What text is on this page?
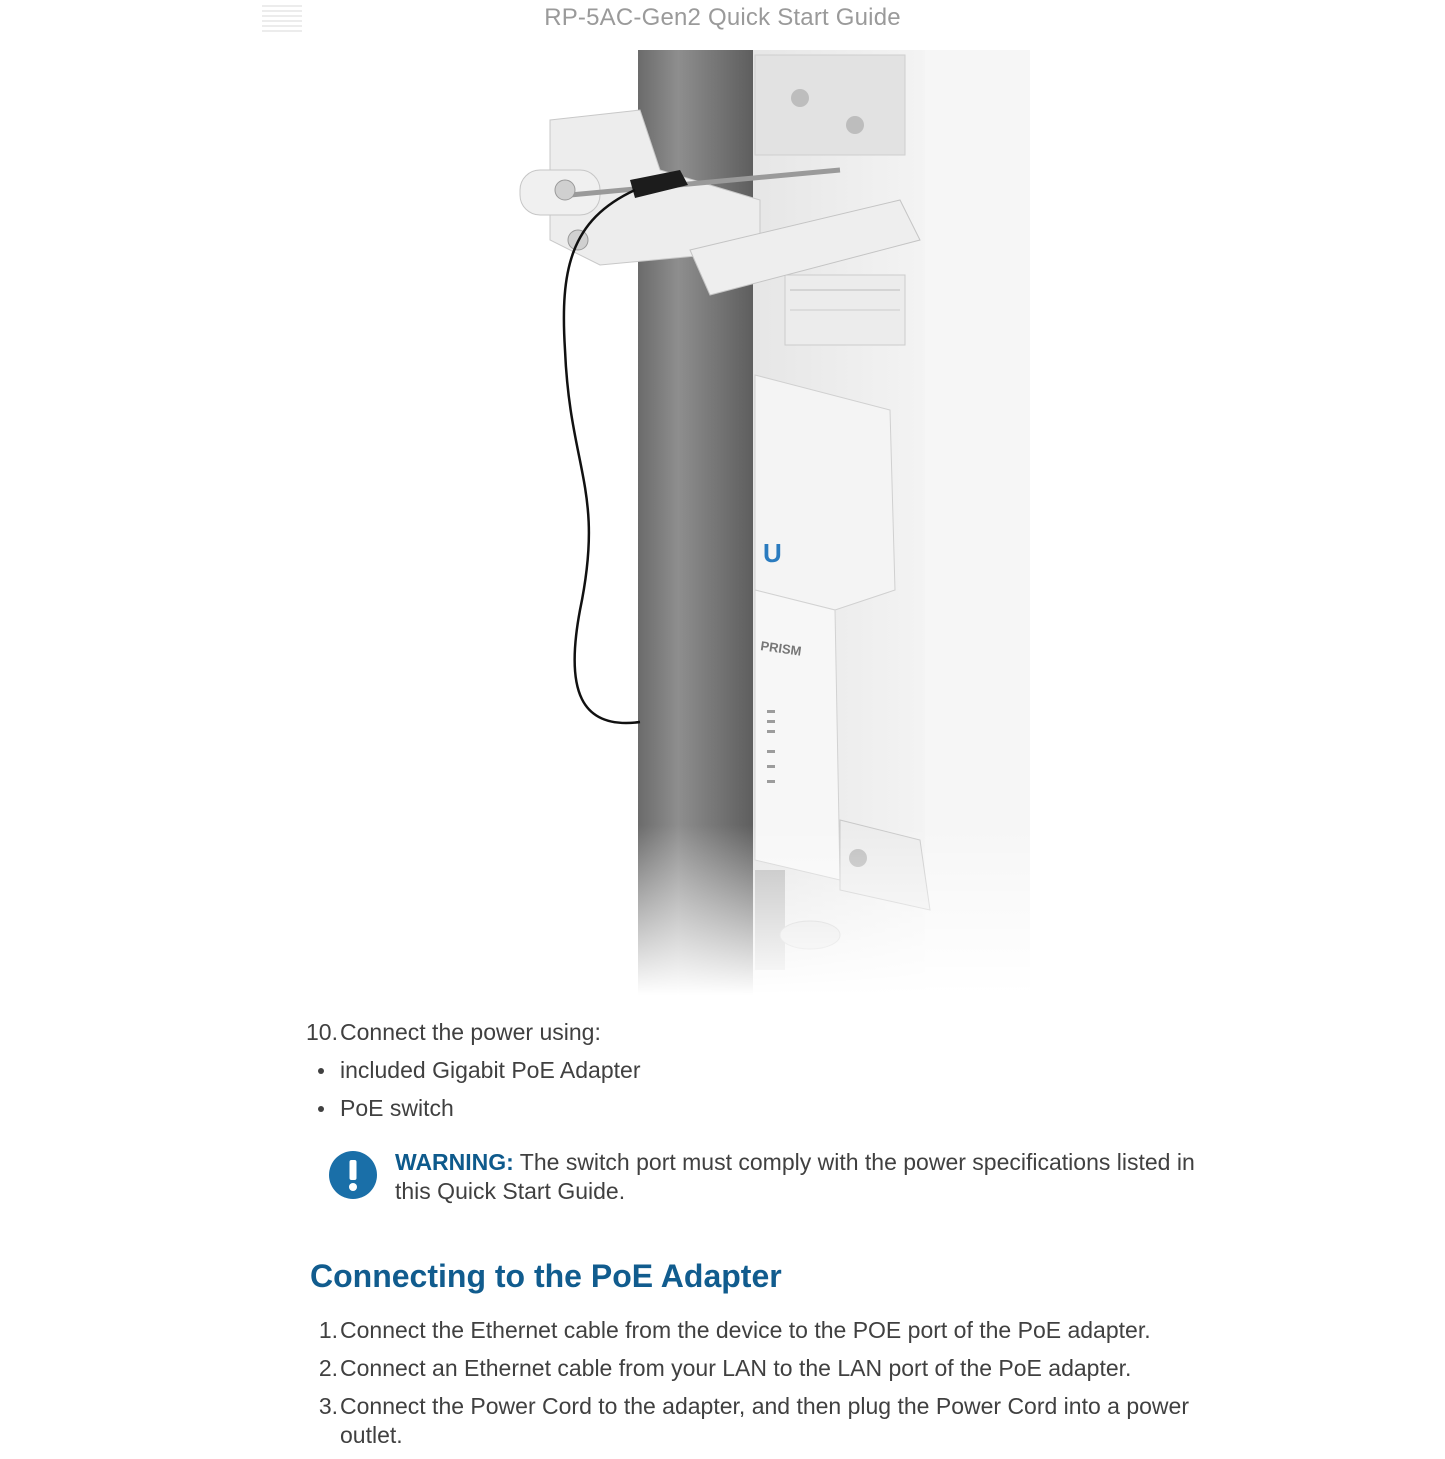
RP-5AC-Gen2 Quick Start Guide
10. Connect the power using:
included Gigabit PoE Adapter
PoE switch
WARNING: The switch port must comply with the power specifications listed in this Quick Start Guide.
Connecting to the PoE Adapter
1. Connect the Ethernet cable from the device to the POE port of the PoE adapter.
2. Connect an Ethernet cable from your LAN to the LAN port of the PoE adapter.
3. Connect the Power Cord to the adapter, and then plug the Power Cord into a power outlet.
